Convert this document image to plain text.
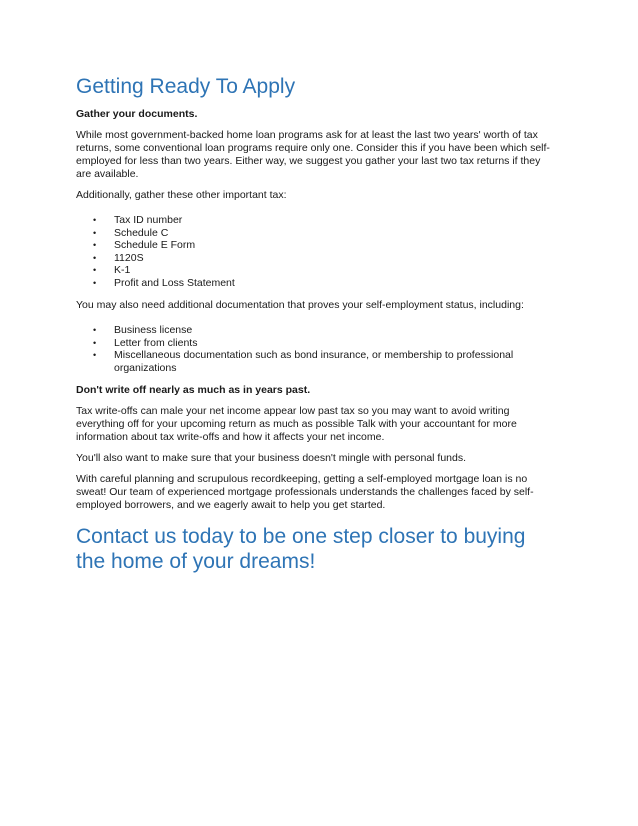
Getting Ready To Apply
Gather your documents.

While most government-backed home loan programs ask for at least the last two years' worth of tax returns, some conventional loan programs require only one. Consider this if you have been which self-employed for less than two years. Either way, we suggest you gather your last two tax returns if they are available.

Additionally, gather these other important tax:

• Tax ID number
• Schedule C
• Schedule E Form
• 1120S
• K-1
• Profit and Loss Statement

You may also need additional documentation that proves your self-employment status, including:

• Business license
• Letter from clients
• Miscellaneous documentation such as bond insurance, or membership to professional organizations
Don't write off nearly as much as in years past.

Tax write-offs can male your net income appear low past tax so you may want to avoid writing everything off for your upcoming return as much as possible Talk with your accountant for more information about tax write-offs and how it affects your net income.

You'll also want to make sure that your business doesn't mingle with personal funds.

With careful planning and scrupulous recordkeeping, getting a self-employed mortgage loan is no sweat! Our team of experienced mortgage professionals understands the challenges faced by self-employed borrowers, and we eagerly await to help you get started.

Contact us today to be one step closer to buying the home of your dreams!
